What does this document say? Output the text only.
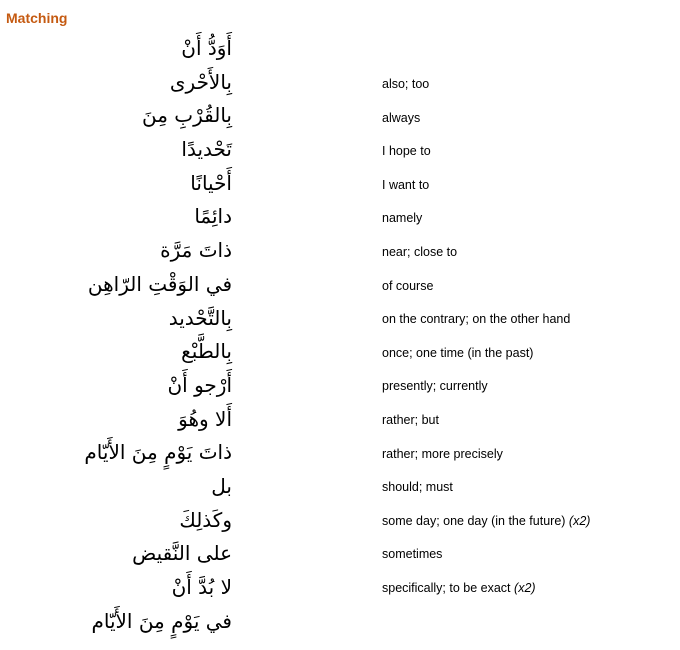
Matching
أَوَدُّ أَنْ
بِالأَحْرى
بِالقُرْبِ مِنَ
تَحْديدًا
أَحْيانًا
دائِمًا
ذاتَ مَرَّة
في الوَقْتِ الرّاهِن
بِالتَّحْديد
بِالطَّبْع
أَرْجو أَنْ
أَلا وهُوَ
ذاتَ يَوْمٍ مِنَ الأَيّام
بل
وكَذلِكَ
على النَّقيض
لا بُدَّ أَنْ
في يَوْمٍ مِنَ الأَيّام
also; too
always
I hope to
I want to
namely
near; close to
of course
on the contrary; on the other hand
once; one time (in the past)
presently; currently
rather; but
rather; more precisely
should; must
some day; one day (in the future) (x2)
sometimes
specifically; to be exact (x2)
